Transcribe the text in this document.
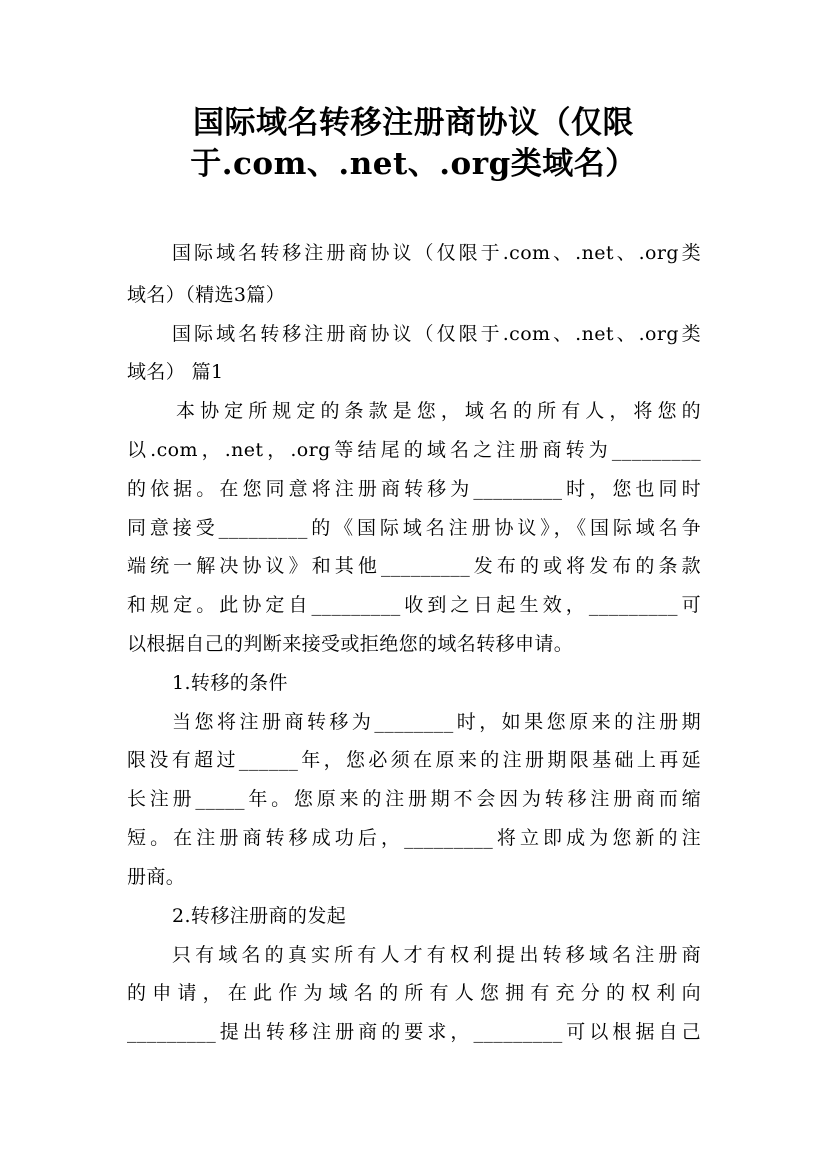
国际域名转移注册商协议（仅限
于.com、.net、.org类域名）
国际域名转移注册商协议（仅限于.com、.net、.org类
域名）（精选3篇）
国际域名转移注册商协议（仅限于.com、.net、.org类
域名） 篇1
本协定所规定的条款是您，域名的所有人，将您的
以.com，.net，.org等结尾的域名之注册商转为_________
的依据。在您同意将注册商转移为_________时，您也同时
同意接受_________的《国际域名注册协议》，《国际域名争
端统一解决协议》和其他_________发布的或将发布的条款
和规定。此协定自_________收到之日起生效，_________可
以根据自己的判断来接受或拒绝您的域名转移申请。
1.转移的条件
当您将注册商转移为________时，如果您原来的注册期
限没有超过______年，您必须在原来的注册期限基础上再延
长注册_____年。您原来的注册期不会因为转移注册商而缩
短。在注册商转移成功后，_________将立即成为您新的注
册商。
2.转移注册商的发起
只有域名的真实所有人才有权利提出转移域名注册商
的申请，在此作为域名的所有人您拥有充分的权利向
_________提出转移注册商的要求，_________可以根据自己
